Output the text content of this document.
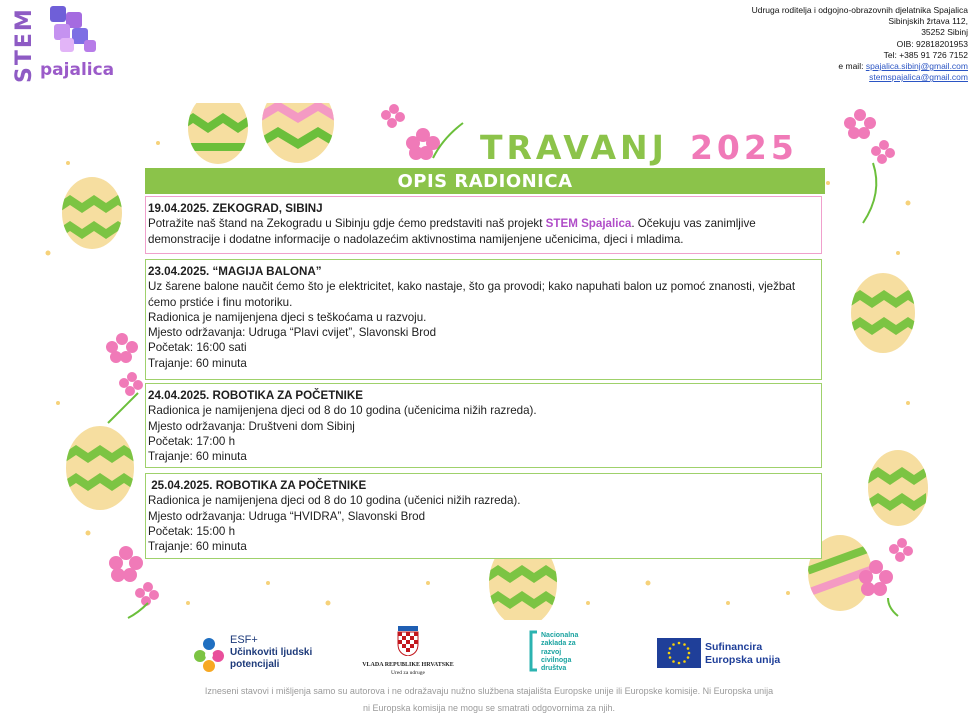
STEM pajalica
Udruga roditelja i odgojno-obrazovnih djelatnika Spajalica
Sibinjskih žrtava 112,
35252 Sibinj
OIB: 92818201953
Tel: +385 91 726 7152
e mail: spajalica.sibinj@gmail.com
stemspajalica@gmail.com
TRAVANJ 2025
OPIS RADIONICA

19.04.2025. ZEKOGRAD, SIBINJ

Potražite naš štand na Zekogradu u Sibinju gdje ćemo predstaviti naš projekt STEM Spajalica. Očekuju vas zanimljive demonstracije i dodatne informacije o nadolazećim aktivnostima namijenjene učenicima, djeci i mladima.

23.04.2025. “MAGIJA BALONA”

Uz šarene balone naučit ćemo što je elektricitet, kako nastaje, što ga provodi; kako napuhati balon uz pomoć znanosti, vježbat ćemo prstiće i finu motoriku.

Radionica je namijenjena djeci s teškoćama u razvoju.

Mjesto održavanja: Udruga “Plavi cvijet”, Slavonski Brod

Početak: 16:00 sati

Trajanje: 60 minuta

24.04.2025. ROBOTIKA ZA POČETNIKE

Radionica je namijenjena djeci od 8 do 10 godina (učenicima nižih razreda).

Mjesto održavanja: Društveni dom Sibinj

Početak: 17:00 h

Trajanje: 60 minuta

25.04.2025. ROBOTIKA ZA POČETNIKE

Radionica je namijenjena djeci od 8 do 10 godina (učenici nižih razreda).

Mjesto održavanja: Udruga “HVIDRA”, Slavonski Brod

Početak: 15:00 h

Trajanje: 60 minuta

ESF+
Učinkoviti ljudski
potencijali	VLADA REPUBLIKE HRVATSKE
Ured za udruge
Nacionalna
zaklada za
razvoj
civilnoga
društva
Sufinancira
Europska unija
Izneseni stavovi i mišljenja samo su autorova i ne odražavaju nužno službena stajališta Europske unije ili Europske komisije. Ni Europska unija
ni Europska komisija ne mogu se smatrati odgovornima za njih.
